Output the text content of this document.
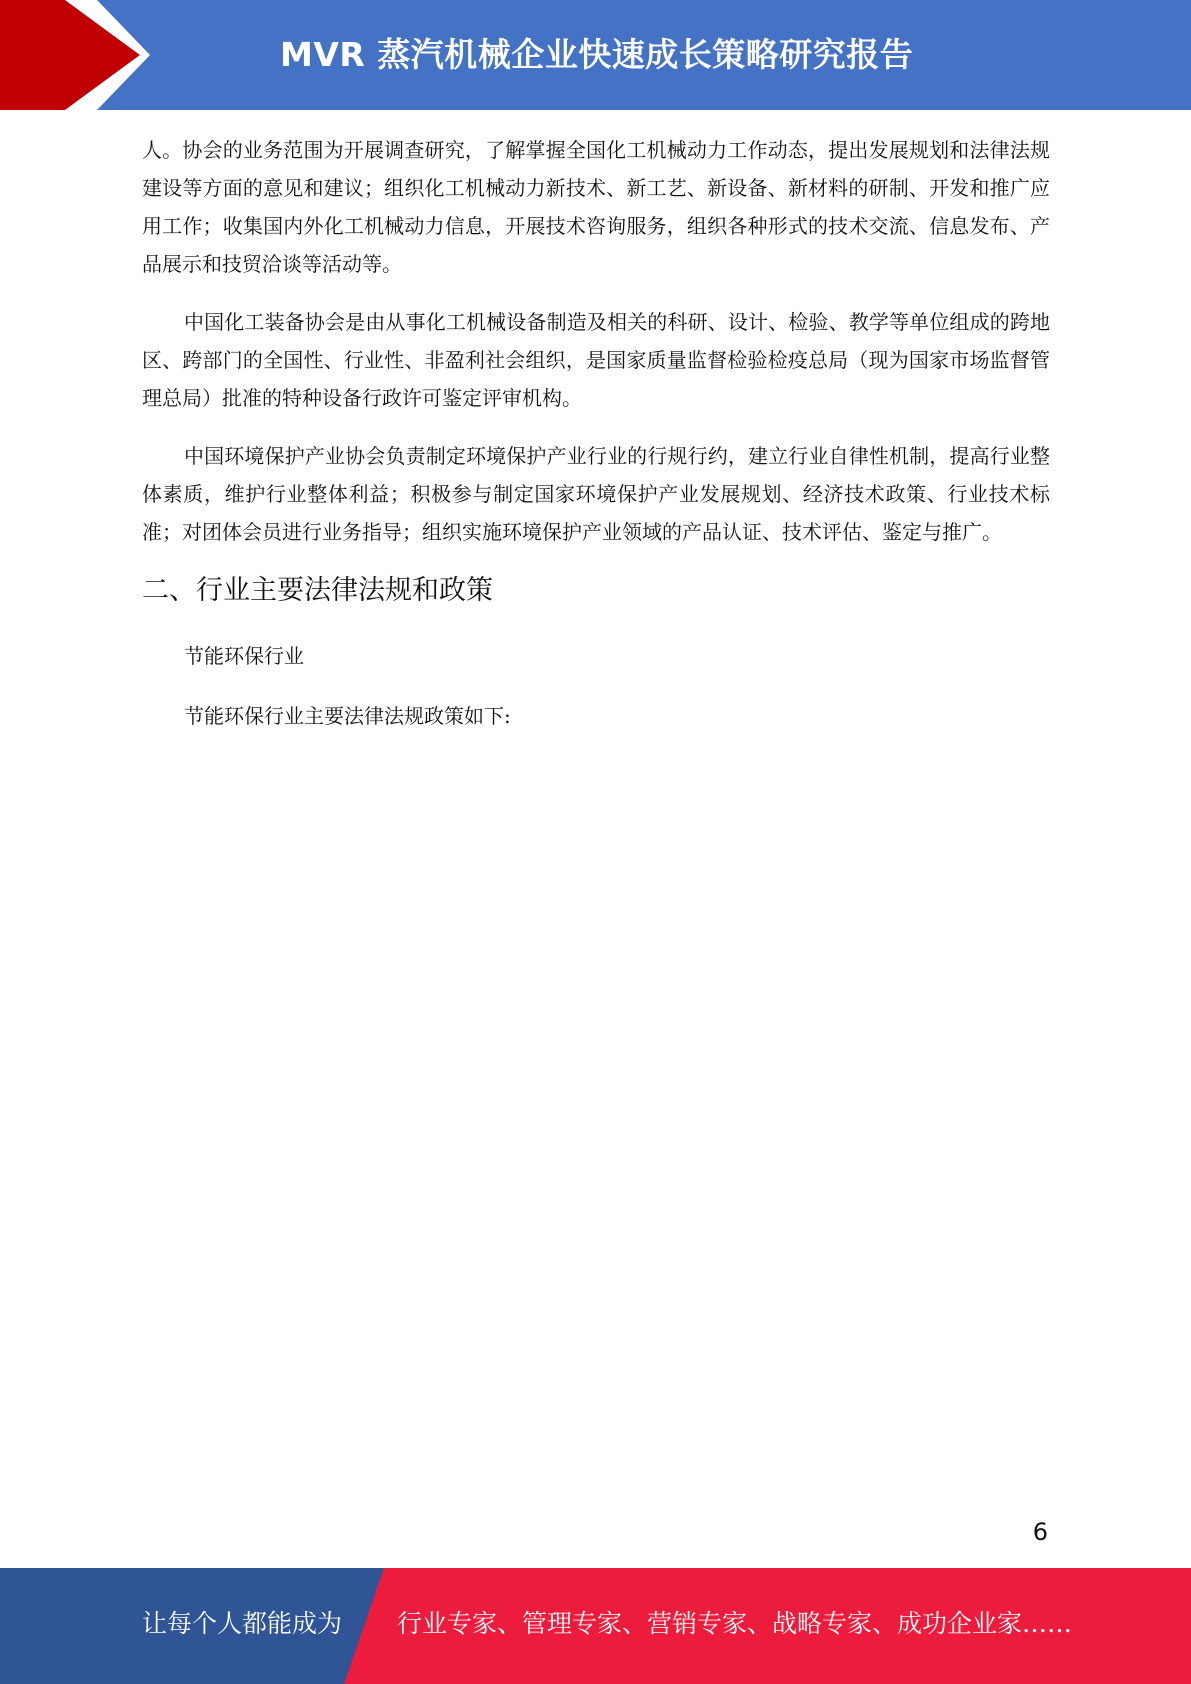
MVR 蒸汽机械企业快速成长策略研究报告

人。协会的业务范围为开展调查研究，了解掌握全国化工机械动力工作动态，提出发展规划和法律法规建设等方面的意见和建议；组织化工机械动力新技术、新工艺、新设备、新材料的研制、开发和推广应用工作；收集国内外化工机械动力信息，开展技术咨询服务，组织各种形式的技术交流、信息发布、产品展示和技贸洽谈等活动等。

中国化工装备协会是由从事化工机械设备制造及相关的科研、设计、检验、教学等单位组成的跨地区、跨部门的全国性、行业性、非盈利社会组织，是国家质量监督检验检疫总局（现为国家市场监督管理总局）批准的特种设备行政许可鉴定评审机构。

中国环境保护产业协会负责制定环境保护产业行业的行规行约，建立行业自律性机制，提高行业整体素质，维护行业整体利益；积极参与制定国家环境保护产业发展规划、经济技术政策、行业技术标准；对团体会员进行业务指导；组织实施环境保护产业领域的产品认证、技术评估、鉴定与推广。

二、行业主要法律法规和政策

节能环保行业

节能环保行业主要法律法规政策如下:

6
让每个人都能成为 行业专家、管理专家、营销专家、战略专家、成功企业家……
